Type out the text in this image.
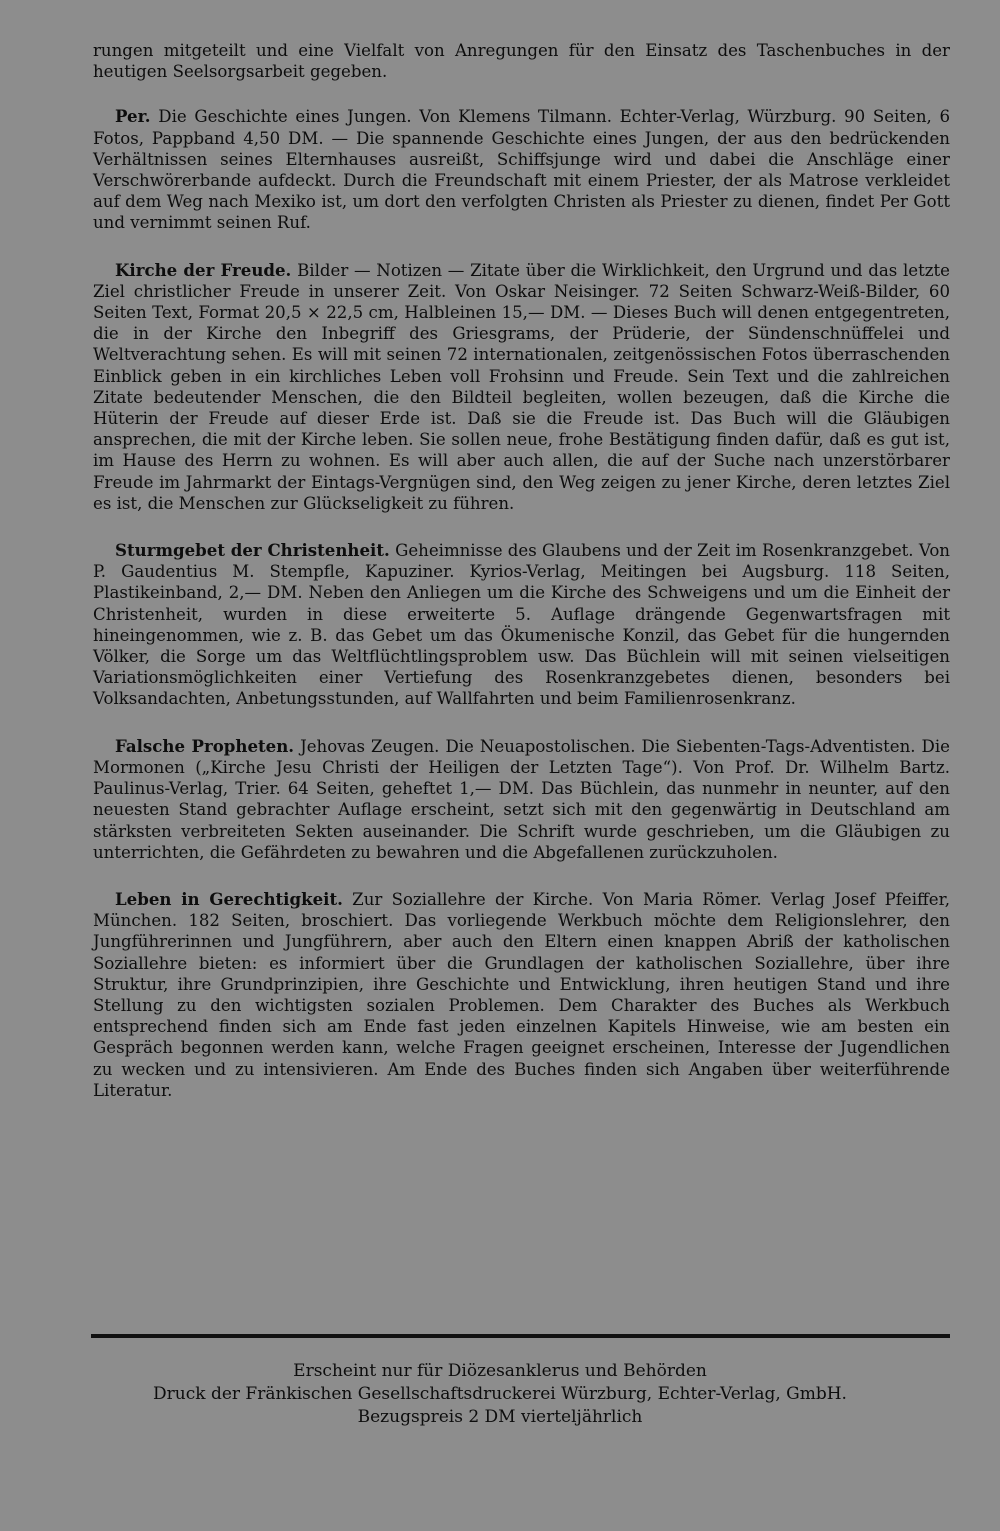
rungen mitgeteilt und eine Vielfalt von Anregungen für den Einsatz des Taschenbuches in der heutigen Seelsorgsarbeit gegeben.

Per. Die Geschichte eines Jungen. Von Klemens Tilmann. Echter-Verlag, Würzburg. 90 Seiten, 6 Fotos, Pappband 4,50 DM. — Die spannende Geschichte eines Jungen, der aus den bedrückenden Verhältnissen seines Elternhauses ausreißt, Schiffsjunge wird und dabei die Anschläge einer Verschwörerbande aufdeckt. Durch die Freundschaft mit einem Priester, der als Matrose verkleidet auf dem Weg nach Mexiko ist, um dort den verfolgten Christen als Priester zu dienen, findet Per Gott und vernimmt seinen Ruf.

Kirche der Freude. Bilder — Notizen — Zitate über die Wirklichkeit, den Urgrund und das letzte Ziel christlicher Freude in unserer Zeit. Von Oskar Neisinger. 72 Seiten Schwarz-Weiß-Bilder, 60 Seiten Text, Format 20,5 × 22,5 cm, Halbleinen 15,— DM. — Dieses Buch will denen entgegentreten, die in der Kirche den Inbegriff des Griesgrams, der Prüderie, der Sündenschnüffelei und Weltverachtung sehen. Es will mit seinen 72 internationalen, zeitgenössischen Fotos überraschenden Einblick geben in ein kirchliches Leben voll Frohsinn und Freude. Sein Text und die zahlreichen Zitate bedeutender Menschen, die den Bildteil begleiten, wollen bezeugen, daß die Kirche die Hüterin der Freude auf dieser Erde ist. Daß sie die Freude ist. Das Buch will die Gläubigen ansprechen, die mit der Kirche leben. Sie sollen neue, frohe Bestätigung finden dafür, daß es gut ist, im Hause des Herrn zu wohnen. Es will aber auch allen, die auf der Suche nach unzerstörbarer Freude im Jahrmarkt der Eintags-Vergnügen sind, den Weg zeigen zu jener Kirche, deren letztes Ziel es ist, die Menschen zur Glückseligkeit zu führen.

Sturmgebet der Christenheit. Geheimnisse des Glaubens und der Zeit im Rosenkranzgebet. Von P. Gaudentius M. Stempfle, Kapuziner. Kyrios-Verlag, Meitingen bei Augsburg. 118 Seiten, Plastikeinband, 2,— DM. Neben den Anliegen um die Kirche des Schweigens und um die Einheit der Christenheit, wurden in diese erweiterte 5. Auflage drängende Gegenwartsfragen mit hineingenommen, wie z. B. das Gebet um das Ökumenische Konzil, das Gebet für die hungernden Völker, die Sorge um das Weltflüchtlingsproblem usw. Das Büchlein will mit seinen vielseitigen Variationsmöglichkeiten einer Vertiefung des Rosenkranzgebetes dienen, besonders bei Volksandachten, Anbetungsstunden, auf Wallfahrten und beim Familienrosenkranz.

Falsche Propheten. Jehovas Zeugen. Die Neuapostolischen. Die Siebenten-Tags-Adventisten. Die Mormonen („Kirche Jesu Christi der Heiligen der Letzten Tage“). Von Prof. Dr. Wilhelm Bartz. Paulinus-Verlag, Trier. 64 Seiten, geheftet 1,— DM. Das Büchlein, das nunmehr in neunter, auf den neuesten Stand gebrachter Auflage erscheint, setzt sich mit den gegenwärtig in Deutschland am stärksten verbreiteten Sekten auseinander. Die Schrift wurde geschrieben, um die Gläubigen zu unterrichten, die Gefährdeten zu bewahren und die Abgefallenen zurückzuholen.

Leben in Gerechtigkeit. Zur Soziallehre der Kirche. Von Maria Römer. Verlag Josef Pfeiffer, München. 182 Seiten, broschiert. Das vorliegende Werkbuch möchte dem Religionslehrer, den Jungführerinnen und Jungführern, aber auch den Eltern einen knappen Abriß der katholischen Soziallehre bieten: es informiert über die Grundlagen der katholischen Soziallehre, über ihre Struktur, ihre Grundprinzipien, ihre Geschichte und Entwicklung, ihren heutigen Stand und ihre Stellung zu den wichtigsten sozialen Problemen. Dem Charakter des Buches als Werkbuch entsprechend finden sich am Ende fast jeden einzelnen Kapitels Hinweise, wie am besten ein Gespräch begonnen werden kann, welche Fragen geeignet erscheinen, Interesse der Jugendlichen zu wecken und zu intensivieren. Am Ende des Buches finden sich Angaben über weiterführende Literatur.

Erscheint nur für Diözesanklerus und Behörden
Druck der Fränkischen Gesellschaftsdruckerei Würzburg, Echter-Verlag, GmbH.
Bezugspreis 2 DM vierteljährlich
